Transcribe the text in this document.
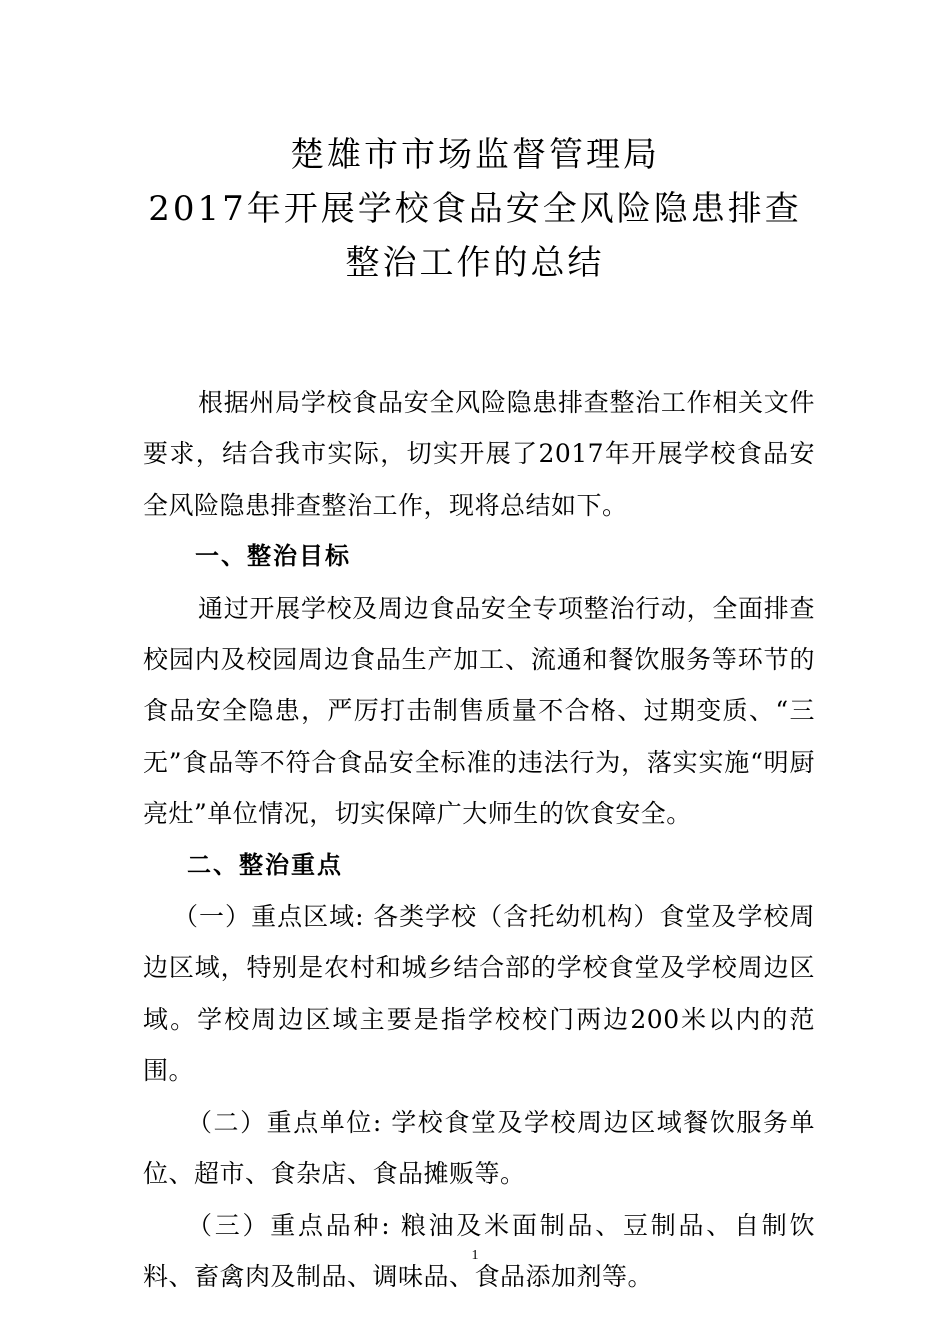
楚雄市市场监督管理局
2017年开展学校食品安全风险隐患排查
整治工作的总结

根据州局学校食品安全风险隐患排查整治工作相关文件要求，结合我市实际，切实开展了2017年开展学校食品安全风险隐患排查整治工作，现将总结如下。

一、整治目标

通过开展学校及周边食品安全专项整治行动，全面排查校园内及校园周边食品生产加工、流通和餐饮服务等环节的食品安全隐患，严厉打击制售质量不合格、过期变质、“三无”食品等不符合食品安全标准的违法行为，落实实施“明厨亮灶”单位情况，切实保障广大师生的饮食安全。

二、整治重点

（一）重点区域: 各类学校（含托幼机构）食堂及学校周边区域，特别是农村和城乡结合部的学校食堂及学校周边区域。学校周边区域主要是指学校校门两边200米以内的范围。

（二）重点单位: 学校食堂及学校周边区域餐饮服务单位、超市、食杂店、食品摊贩等。

（三）重点品种: 粮油及米面制品、豆制品、自制饮料、畜禽肉及制品、调味品、食品添加剂等。

1
